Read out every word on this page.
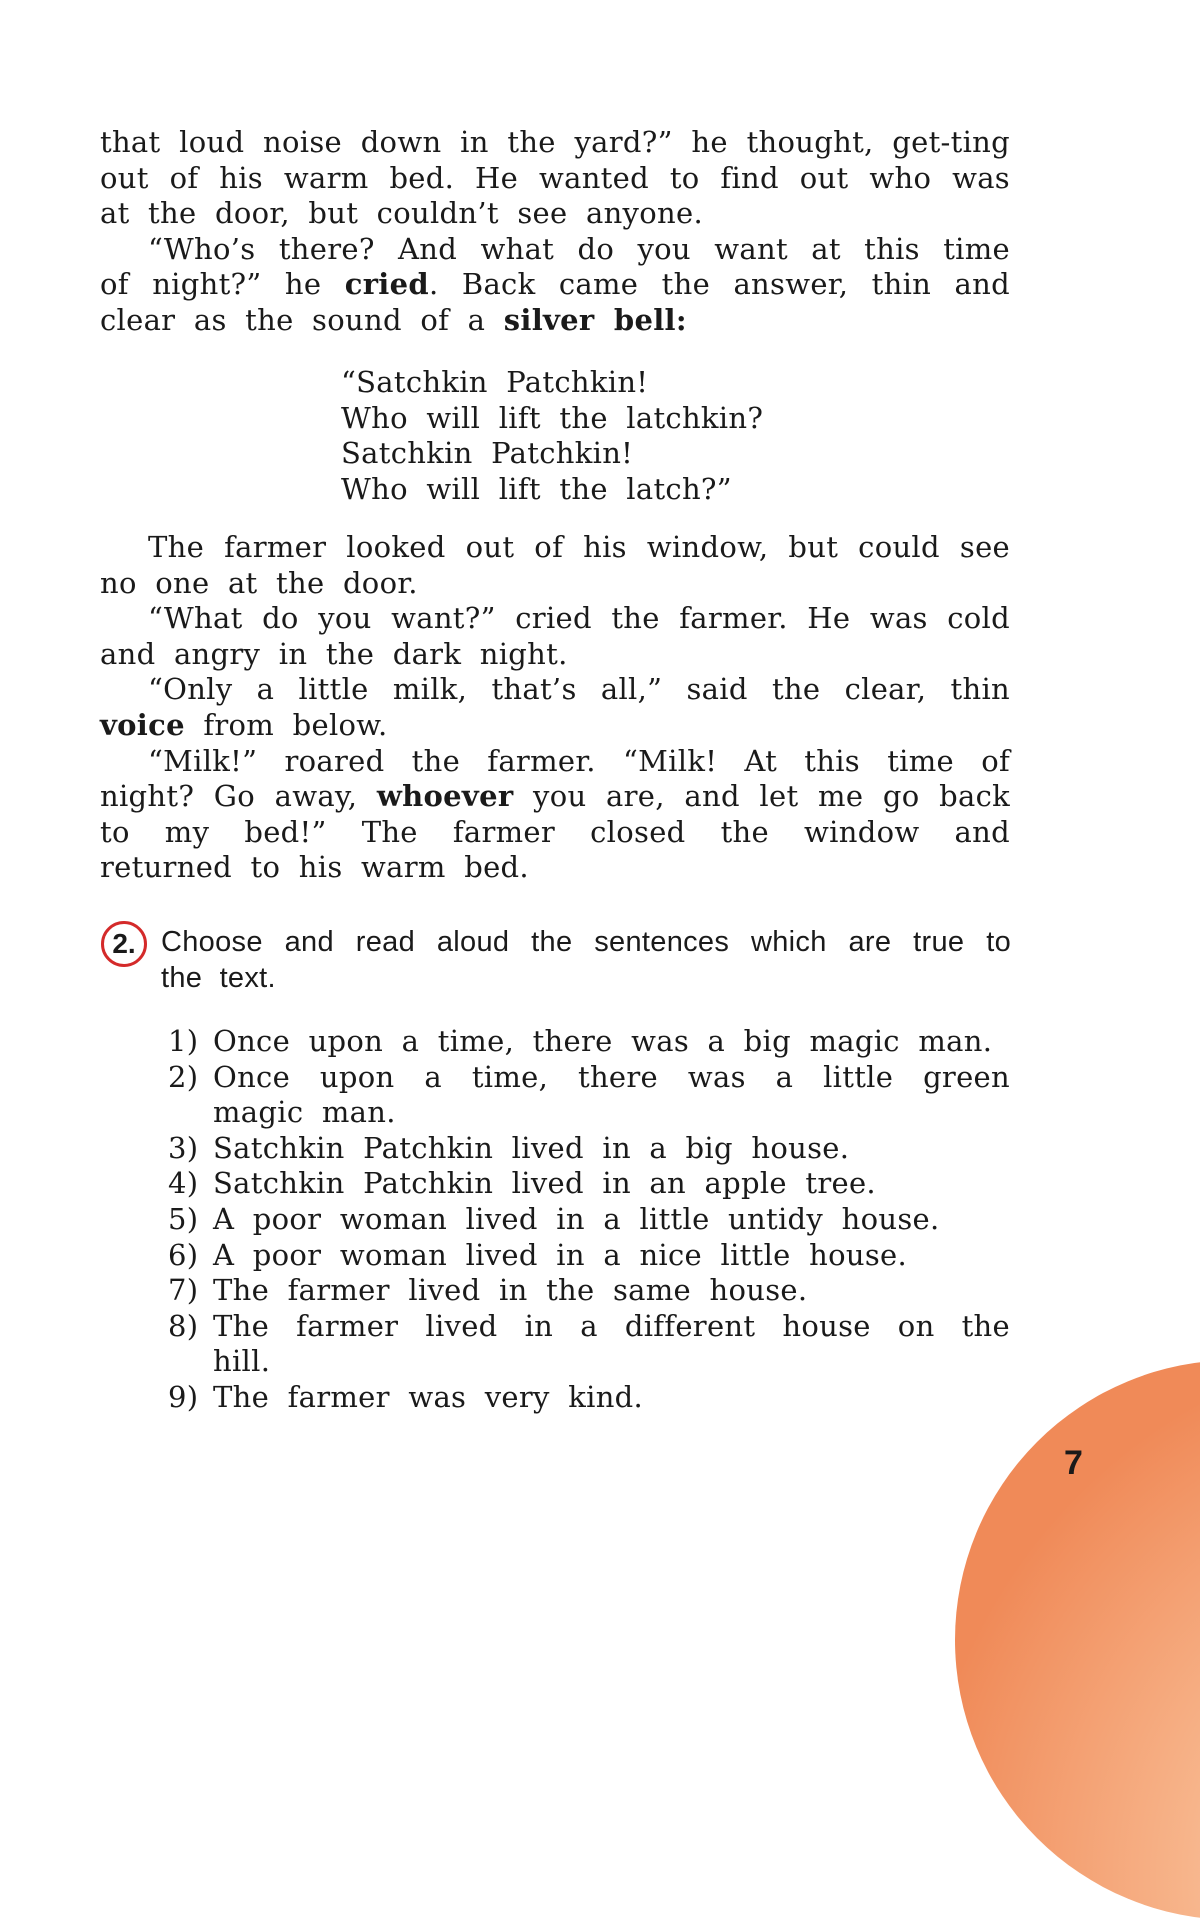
that loud noise down in the yard?” he thought, get-ting out of his warm bed. He wanted to find out who was at the door, but couldn’t see anyone.

“Who’s there? And what do you want at this time of night?” he cried. Back came the answer, thin and clear as the sound of a silver bell:

“Satchkin Patchkin!
Who will lift the latchkin?
Satchkin Patchkin!
Who will lift the latch?”

The farmer looked out of his window, but could see no one at the door.

“What do you want?” cried the farmer. He was cold and angry in the dark night.

“Only a little milk, that’s all,” said the clear, thin voice from below.

“Milk!” roared the farmer. “Milk! At this time of night? Go away, whoever you are, and let me go back to my bed!” The farmer closed the window and returned to his warm bed.

2. Choose and read aloud the sentences which are true to the text.
1) Once upon a time, there was a big magic man.
2) Once upon a time, there was a little green magic man.
3) Satchkin Patchkin lived in a big house.
4) Satchkin Patchkin lived in an apple tree.
5) A poor woman lived in a little untidy house.
6) A poor woman lived in a nice little house.
7) The farmer lived in the same house.
8) The farmer lived in a different house on the hill.
9) The farmer was very kind.
7
